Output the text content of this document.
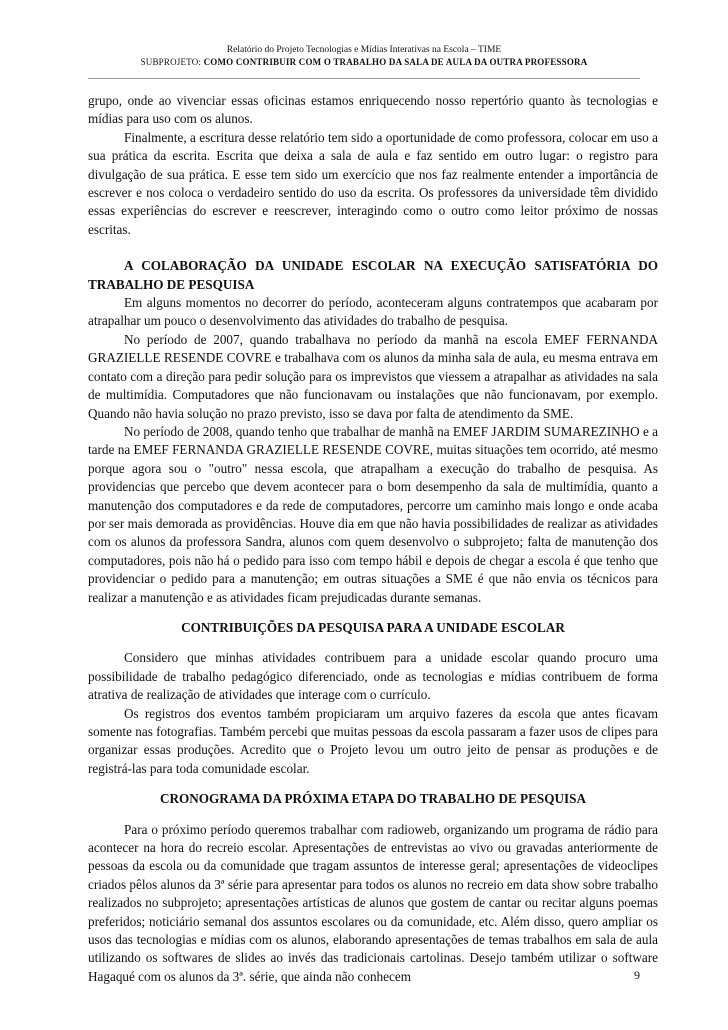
Relatório do Projeto Tecnologias e Mídias Interativas na Escola – TIME
SUBPROJETO: COMO CONTRIBUIR COM O TRABALHO DA SALA DE AULA DA OUTRA PROFESSORA

grupo, onde ao vivenciar essas oficinas estamos enriquecendo nosso repertório quanto às tecnologias e mídias para uso com os alunos.

Finalmente, a escritura desse relatório tem sido a oportunidade de como professora, colocar em uso a sua prática da escrita. Escrita que deixa a sala de aula e faz sentido em outro lugar: o registro para divulgação de sua prática. E esse tem sido um exercício que nos faz realmente entender a importância de escrever e nos coloca o verdadeiro sentido do uso da escrita. Os professores da universidade têm dividido essas experiências do escrever e reescrever, interagindo como o outro como leitor próximo de nossas escritas.

A COLABORAÇÃO DA UNIDADE ESCOLAR NA EXECUÇÃO SATISFATÓRIA DO TRABALHO DE PESQUISA

Em alguns momentos no decorrer do período, aconteceram alguns contratempos que acabaram por atrapalhar um pouco o desenvolvimento das atividades do trabalho de pesquisa.

No período de 2007, quando trabalhava no período da manhã na escola EMEF FERNANDA GRAZIELLE RESENDE COVRE e trabalhava com os alunos da minha sala de aula, eu mesma entrava em contato com a direção para pedir solução para os imprevistos que viessem a atrapalhar as atividades na sala de multimídia. Computadores que não funcionavam ou instalações que não funcionavam, por exemplo. Quando não havia solução no prazo previsto, isso se dava por falta de atendimento da SME.

No período de 2008, quando tenho que trabalhar de manhã na EMEF JARDIM SUMAREZINHO e a tarde na EMEF FERNANDA GRAZIELLE RESENDE COVRE, muitas situações tem ocorrido, até mesmo porque agora sou o "outro" nessa escola, que atrapalham a execução do trabalho de pesquisa. As providencias que percebo que devem acontecer para o bom desempenho da sala de multimídia, quanto a manutenção dos computadores e da rede de computadores, percorre um caminho mais longo e onde acaba por ser mais demorada as providências. Houve dia em que não havia possibilidades de realizar as atividades com os alunos da professora Sandra, alunos com quem desenvolvo o subprojeto; falta de manutenção dos computadores, pois não há o pedido para isso com tempo hábil e depois de chegar a escola é que tenho que providenciar o pedido para a manutenção; em outras situações a SME é que não envia os técnicos para realizar a manutenção e as atividades ficam prejudicadas durante semanas.

CONTRIBUIÇÕES DA PESQUISA PARA A UNIDADE ESCOLAR

Considero que minhas atividades contribuem para a unidade escolar quando procuro uma possibilidade de trabalho pedagógico diferenciado, onde as tecnologias e mídias contribuem de forma atrativa de realização de atividades que interage com o currículo.

Os registros dos eventos também propiciaram um arquivo fazeres da escola que antes ficavam somente nas fotografias. Também percebi que muitas pessoas da escola passaram a fazer usos de clipes para organizar essas produções. Acredito que o Projeto levou um outro jeito de pensar as produções e de registrá-las para toda comunidade escolar.

CRONOGRAMA DA PRÓXIMA ETAPA DO TRABALHO DE PESQUISA

Para o próximo período queremos trabalhar com radioweb, organizando um programa de rádio para acontecer na hora do recreio escolar. Apresentações de entrevistas ao vivo ou gravadas anteriormente de pessoas da escola ou da comunidade que tragam assuntos de interesse geral; apresentações de videoclipes criados pêlos alunos da 3ª série para apresentar para todos os alunos no recreio em data show sobre trabalho realizados no subprojeto; apresentações artísticas de alunos que gostem de cantar ou recitar alguns poemas preferidos; noticiário semanal dos assuntos escolares ou da comunidade, etc. Além disso, quero ampliar os usos das tecnologias e mídias com os alunos, elaborando apresentações de temas trabalhos em sala de aula utilizando os softwares de slides ao invés das tradicionais cartolinas. Desejo também utilizar o software Hagaqué com os alunos da 3ª. série, que ainda não conhecem	9
